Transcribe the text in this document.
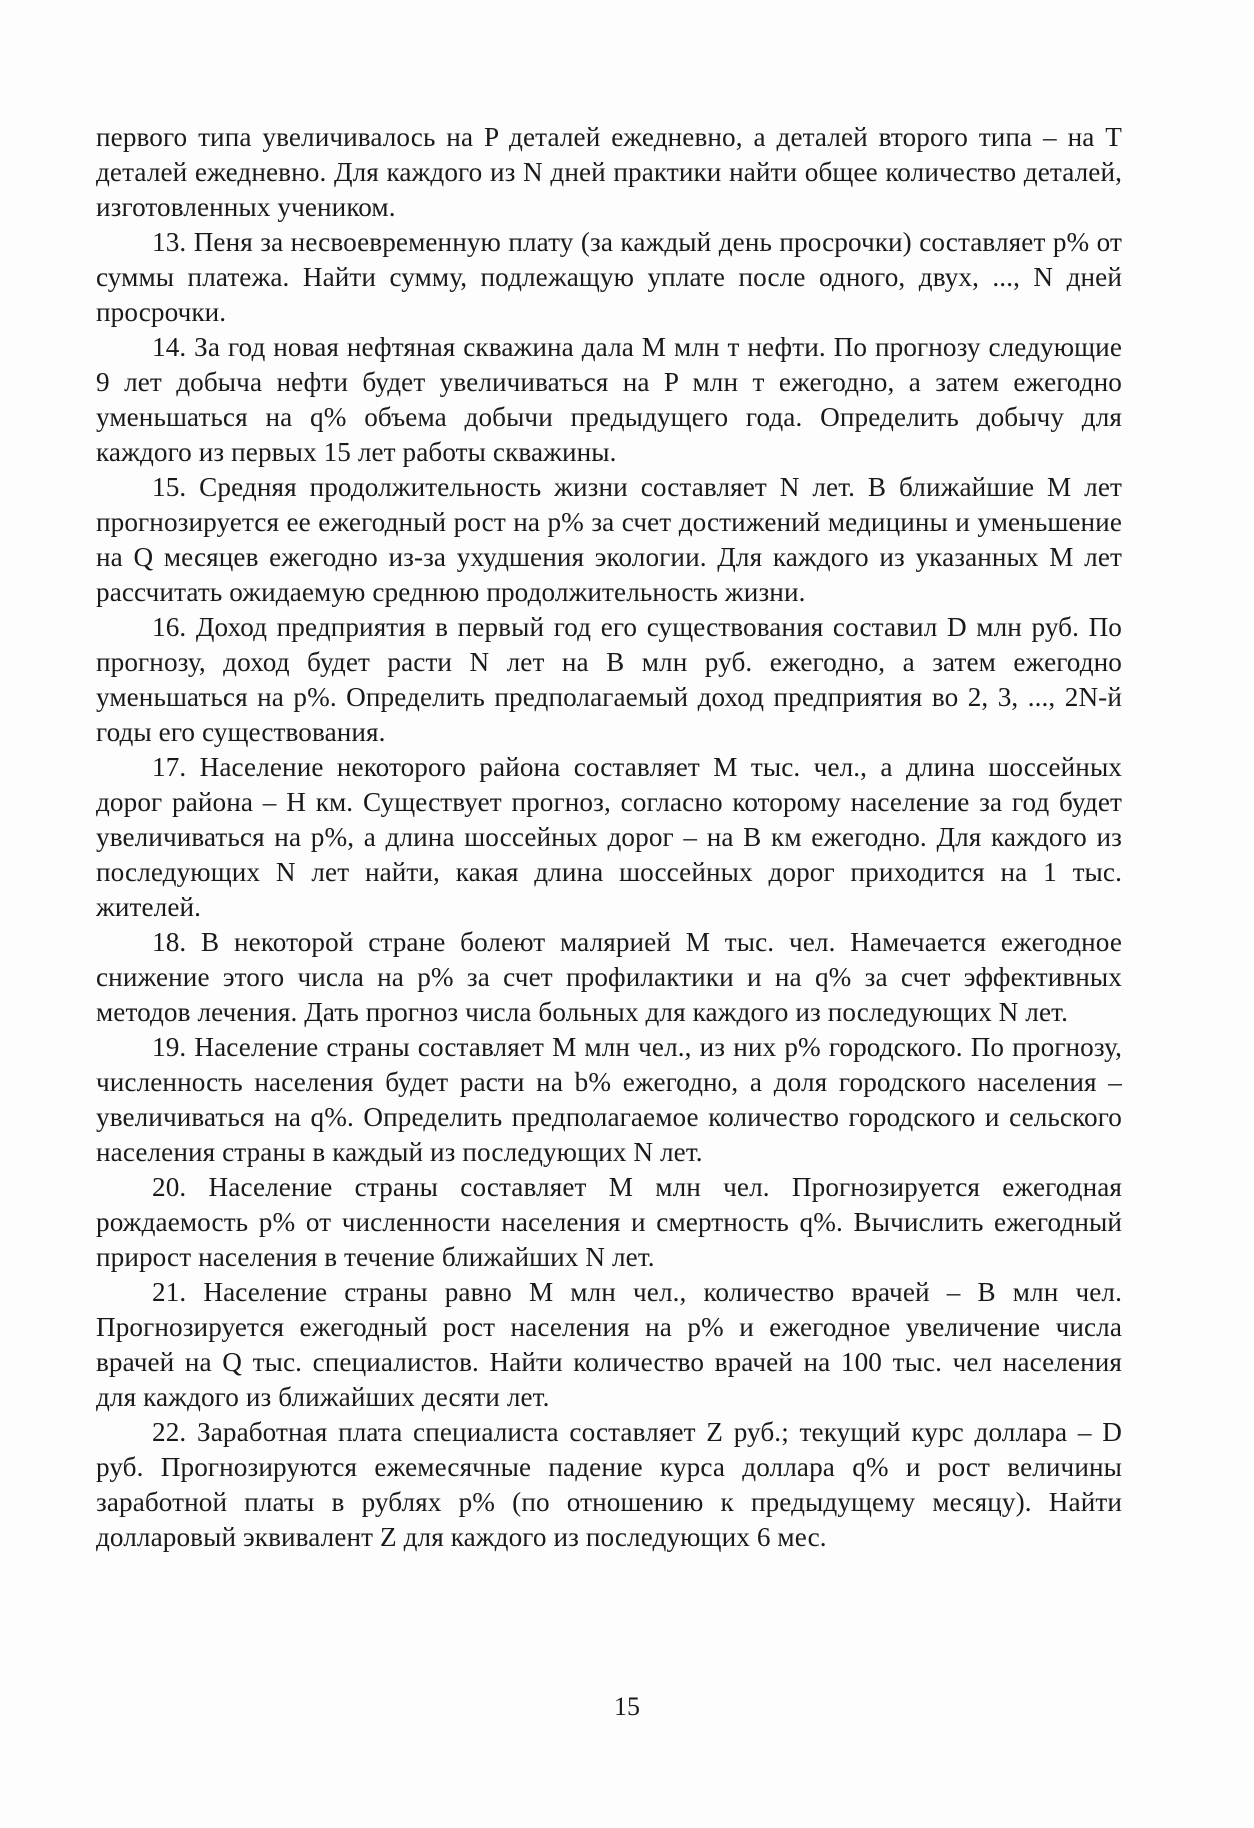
первого типа увеличивалось на P деталей ежедневно, а деталей второго типа – на T деталей ежедневно. Для каждого из N дней практики найти общее количество деталей, изготовленных учеником.

13. Пеня за несвоевременную плату (за каждый день просрочки) составляет p% от суммы платежа. Найти сумму, подлежащую уплате после одного, двух, ..., N дней просрочки.

14. За год новая нефтяная скважина дала M млн т нефти. По прогнозу следующие 9 лет добыча нефти будет увеличиваться на P млн т ежегодно, а затем ежегодно уменьшаться на q% объема добычи предыдущего года. Определить добычу для каждого из первых 15 лет работы скважины.

15. Средняя продолжительность жизни составляет N лет. В ближайшие M лет прогнозируется ее ежегодный рост на p% за счет достижений медицины и уменьшение на Q месяцев ежегодно из-за ухудшения экологии. Для каждого из указанных M лет рассчитать ожидаемую среднюю продолжительность жизни.

16. Доход предприятия в первый год его существования составил D млн руб. По прогнозу, доход будет расти N лет на B млн руб. ежегодно, а затем ежегодно уменьшаться на p%. Определить предполагаемый доход предприятия во 2, 3, ..., 2N-й годы его существования.

17. Население некоторого района составляет M тыс. чел., а длина шоссейных дорог района – H км. Существует прогноз, согласно которому население за год будет увеличиваться на p%, а длина шоссейных дорог – на B км ежегодно. Для каждого из последующих N лет найти, какая длина шоссейных дорог приходится на 1 тыс. жителей.

18. В некоторой стране болеют малярией M тыс. чел. Намечается ежегодное снижение этого числа на p% за счет профилактики и на q% за счет эффективных методов лечения. Дать прогноз числа больных для каждого из последующих N лет.

19. Население страны составляет M млн чел., из них p% городского. По прогнозу, численность населения будет расти на b% ежегодно, а доля городского населения – увеличиваться на q%. Определить предполагаемое количество городского и сельского населения страны в каждый из последующих N лет.

20. Население страны составляет M млн чел. Прогнозируется ежегодная рождаемость p% от численности населения и смертность q%. Вычислить ежегодный прирост населения в течение ближайших N лет.

21. Население страны равно M млн чел., количество врачей – B млн чел. Прогнозируется ежегодный рост населения на p% и ежегодное увеличение числа врачей на Q тыс. специалистов. Найти количество врачей на 100 тыс. чел населения для каждого из ближайших десяти лет.

22. Заработная плата специалиста составляет Z руб.; текущий курс доллара – D руб. Прогнозируются ежемесячные падение курса доллара q% и рост величины заработной платы в рублях p% (по отношению к предыдущему месяцу). Найти долларовый эквивалент Z для каждого из последующих 6 мес.

15
